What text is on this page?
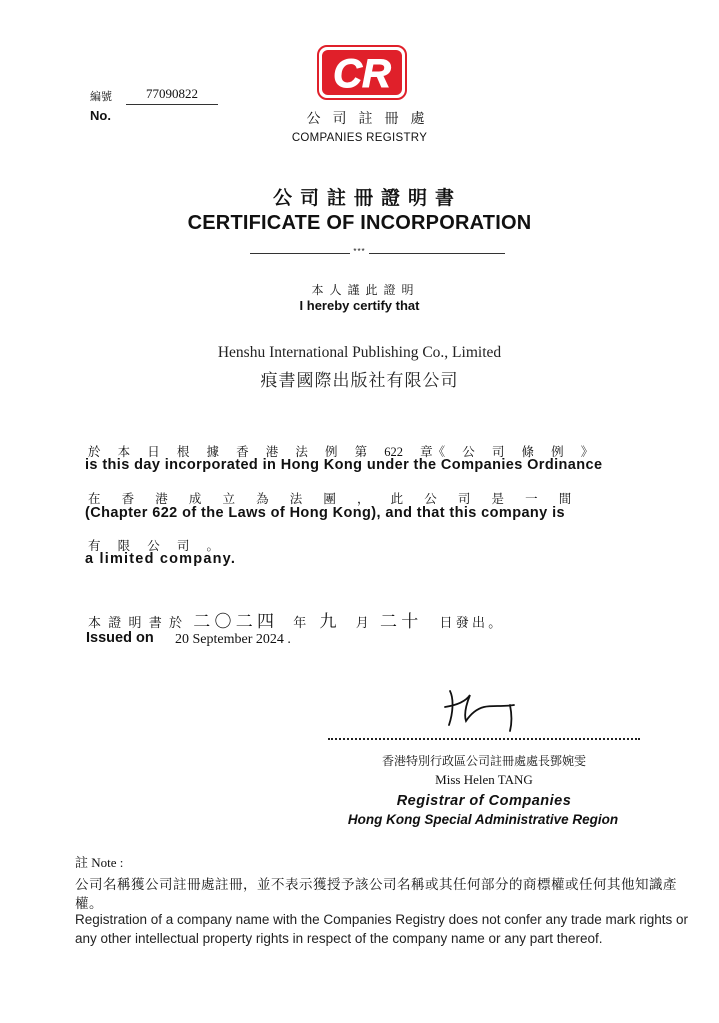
編號	77090822
No.
CR
公司註冊處
COMPANIES REGISTRY
公司註冊證明書
CERTIFICATE OF INCORPORATION
***
本人謹此證明
I hereby certify that
Henshu International Publishing Co., Limited
痕書國際出版社有限公司
於 本 日 根 據 香 港 法 例 第 622 章《 公 司 條 例 》
is this day incorporated in Hong Kong under the Companies Ordinance
在 香 港 成 立 為 法 團 ， 此 公 司 是 一 間
(Chapter 622 of the Laws of Hong Kong), and that this company is
有 限 公 司 。
a limited company.
本 證 明 書 於 二 〇 二 四 年 九 月 二 十 日 發 出 。
Issued on 20 September 2024 .
香港特別行政區公司註冊處處長鄧婉雯
Miss Helen TANG
Registrar of Companies
Hong Kong Special Administrative Region
註 Note :
公司名稱獲公司註冊處註冊，並不表示獲授予該公司名稱或其任何部分的商標權或任何其他知識產權。
Registration of a company name with the Companies Registry does not confer any trade mark rights or any other intellectual property rights in respect of the company name or any part thereof.
